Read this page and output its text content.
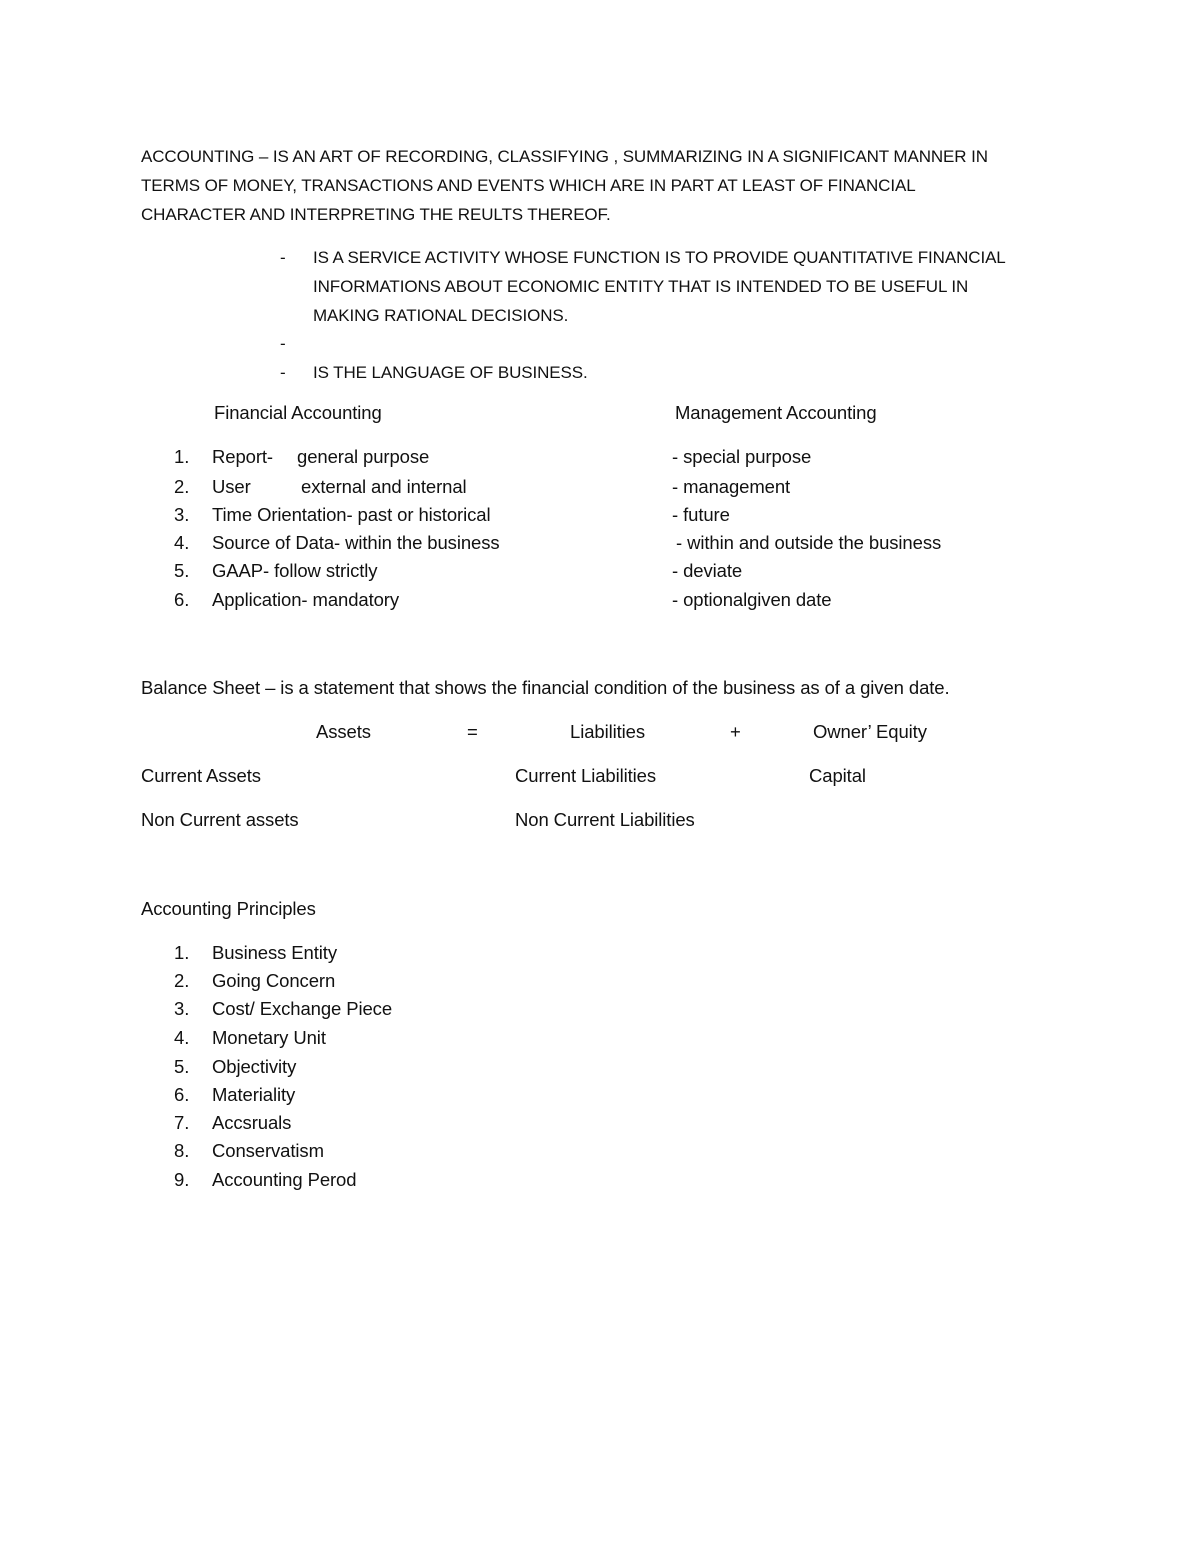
ACCOUNTING – IS AN ART OF RECORDING, CLASSIFYING , SUMMARIZING IN A SIGNIFICANT MANNER IN
TERMS OF MONEY, TRANSACTIONS AND EVENTS WHICH ARE IN PART AT LEAST OF FINANCIAL
CHARACTER AND INTERPRETING THE REULTS THEREOF.
- IS A SERVICE ACTIVITY WHOSE FUNCTION IS TO PROVIDE QUANTITATIVE FINANCIAL
INFORMATIONS ABOUT ECONOMIC ENTITY THAT IS INTENDED TO BE USEFUL IN
MAKING RATIONAL DECISIONS.
-
- IS THE LANGUAGE OF BUSINESS.
Financial Accounting	Management Accounting
1. Report- general purpose	- special purpose
2. User	external and internal	- management
3. Time Orientation- past or historical	- future
4. Source of Data- within the business	- within and outside the business
5. GAAP- follow strictly	- deviate
6. Application- mandatory	- optionalgiven date
Balance Sheet – is a statement that shows the financial condition of the business as of a given date.
Assets	=	Liabilities	+	Owner’ Equity
Current Assets	Current Liabilities	Capital
Non Current assets	Non Current Liabilities
Accounting Principles
1. Business Entity
2. Going Concern
3. Cost/ Exchange Piece
4. Monetary Unit
5. Objectivity
6. Materiality
7. Accsruals
8. Conservatism
9. Accounting Perod
